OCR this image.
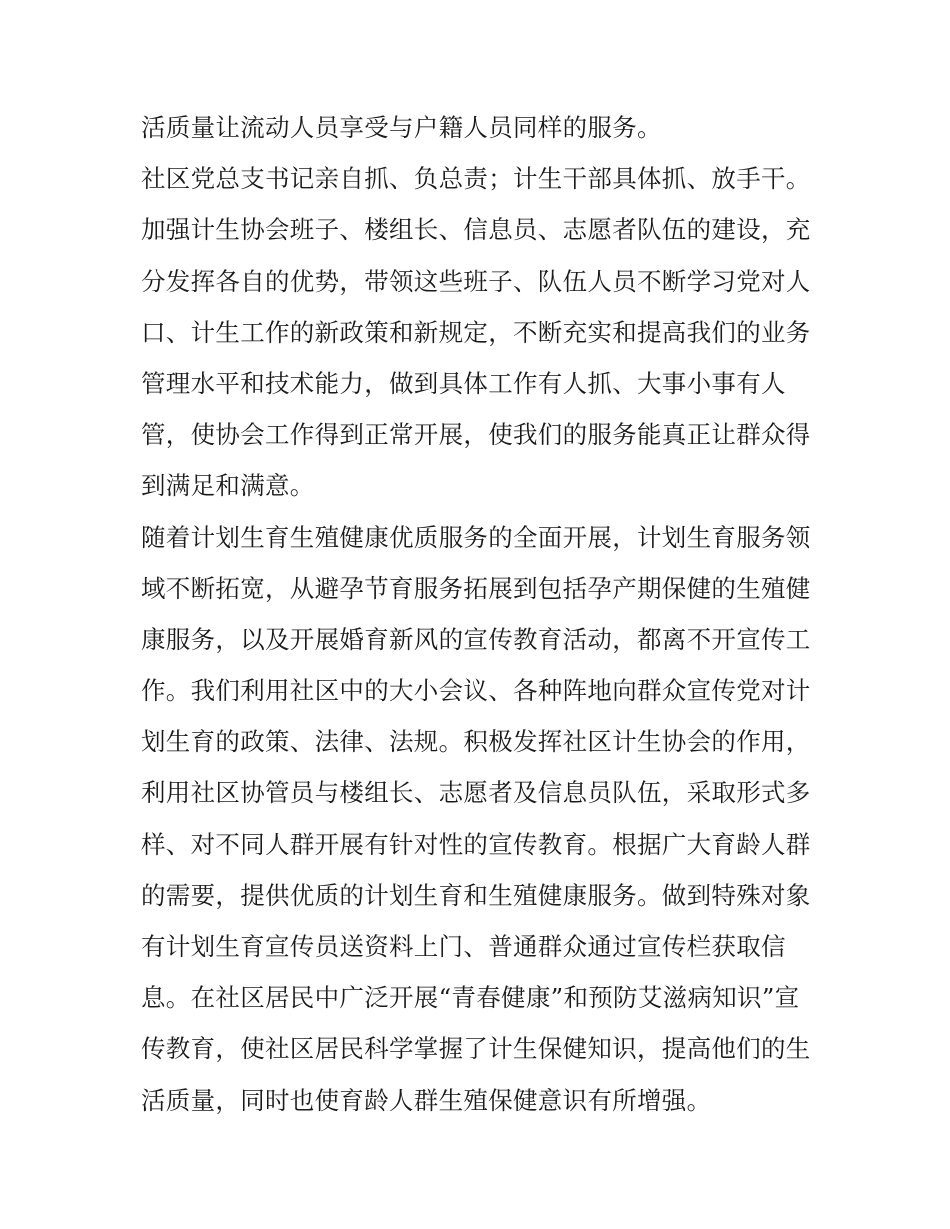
活质量让流动人员享受与户籍人员同样的服务。
社区党总支书记亲自抓、负总责；计生干部具体抓、放手干。
加强计生协会班子、楼组长、信息员、志愿者队伍的建设，充
分发挥各自的优势，带领这些班子、队伍人员不断学习党对人
口、计生工作的新政策和新规定，不断充实和提高我们的业务
管理水平和技术能力，做到具体工作有人抓、大事小事有人
管，使协会工作得到正常开展，使我们的服务能真正让群众得
到满足和满意。
随着计划生育生殖健康优质服务的全面开展，计划生育服务领
域不断拓宽，从避孕节育服务拓展到包括孕产期保健的生殖健
康服务，以及开展婚育新风的宣传教育活动，都离不开宣传工
作。我们利用社区中的大小会议、各种阵地向群众宣传党对计
划生育的政策、法律、法规。积极发挥社区计生协会的作用，
利用社区协管员与楼组长、志愿者及信息员队伍，采取形式多
样、对不同人群开展有针对性的宣传教育。根据广大育龄人群
的需要，提供优质的计划生育和生殖健康服务。做到特殊对象
有计划生育宣传员送资料上门、普通群众通过宣传栏获取信
息。在社区居民中广泛开展“青春健康”和预防艾滋病知识”宣
传教育，使社区居民科学掌握了计生保健知识，提高他们的生
活质量，同时也使育龄人群生殖保健意识有所增强。
